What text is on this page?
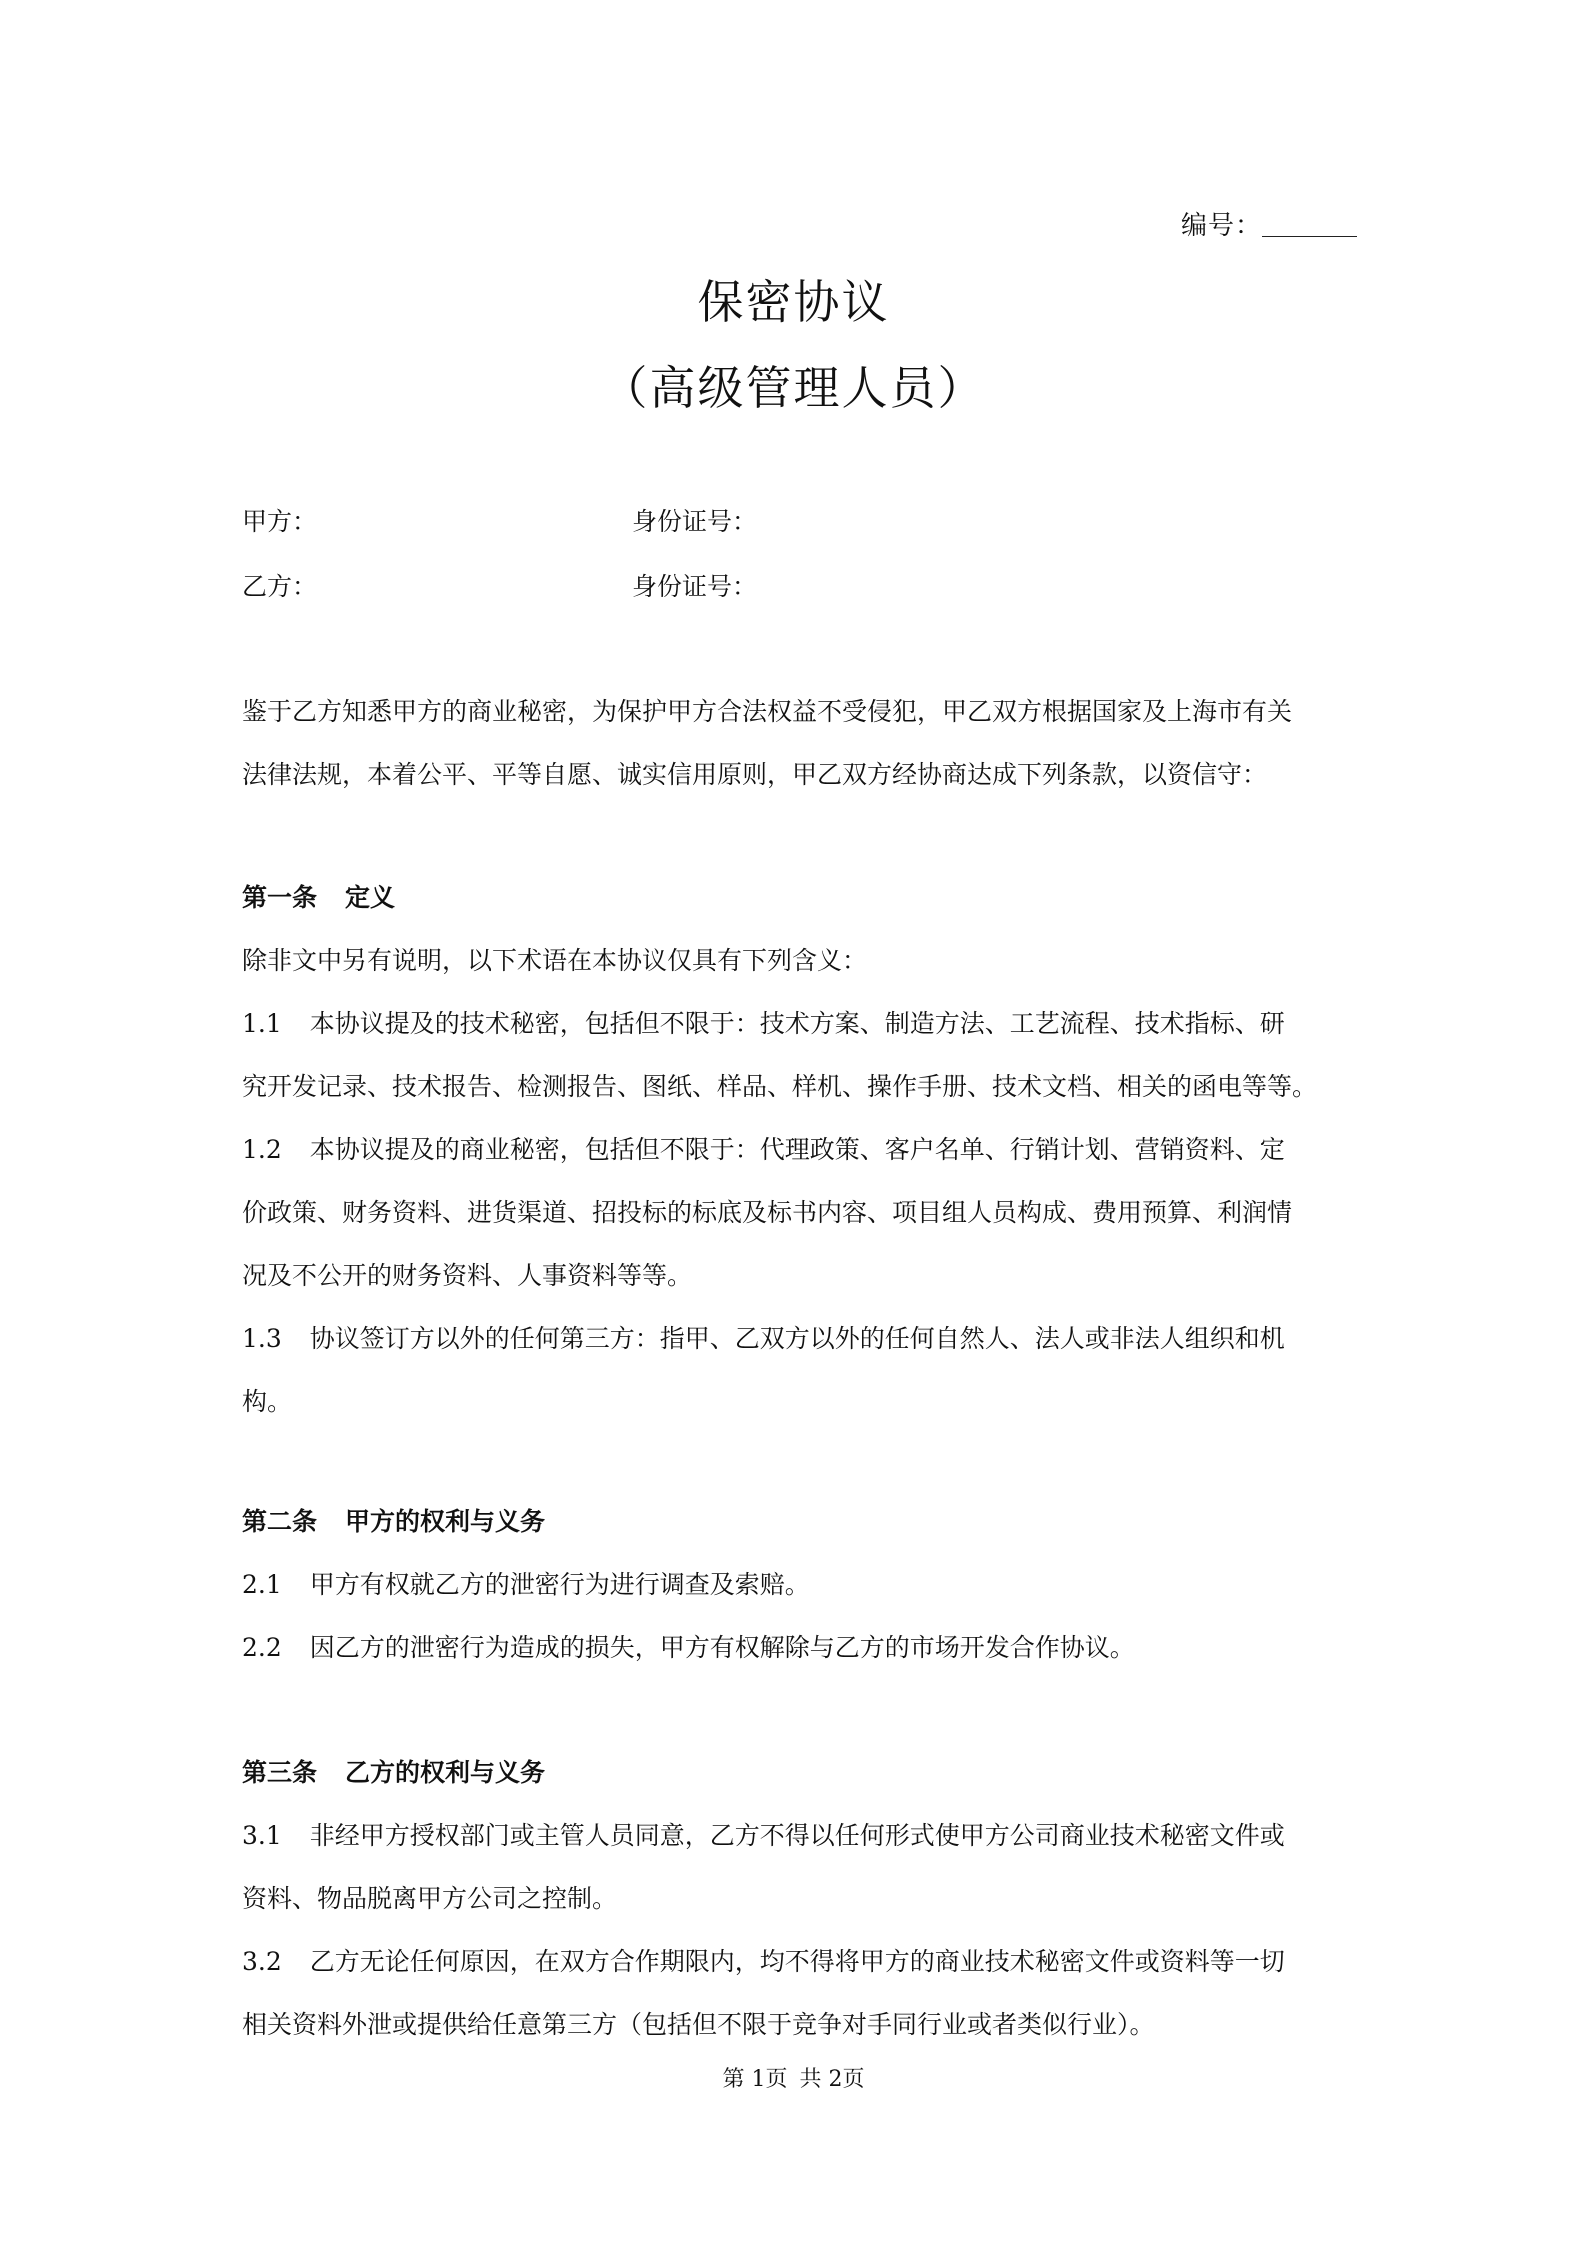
编号：
保密协议
（高级管理人员）
甲方：	身份证号：
乙方：	身份证号：

鉴于乙方知悉甲方的商业秘密，为保护甲方合法权益不受侵犯，甲乙双方根据国家及上海市有关

法律法规，本着公平、平等自愿、诚实信用原则，甲乙双方经协商达成下列条款，以资信守：

第一条 定义

除非文中另有说明，以下术语在本协议仅具有下列含义：

1.1 本协议提及的技术秘密，包括但不限于：技术方案、制造方法、工艺流程、技术指标、研

究开发记录、技术报告、检测报告、图纸、样品、样机、操作手册、技术文档、相关的函电等等。

1.2 本协议提及的商业秘密，包括但不限于：代理政策、客户名单、行销计划、营销资料、定

价政策、财务资料、进货渠道、招投标的标底及标书内容、项目组人员构成、费用预算、利润情

况及不公开的财务资料、人事资料等等。

1.3 协议签订方以外的任何第三方：指甲、乙双方以外的任何自然人、法人或非法人组织和机

构。

第二条 甲方的权利与义务

2.1 甲方有权就乙方的泄密行为进行调查及索赔。

2.2 因乙方的泄密行为造成的损失，甲方有权解除与乙方的市场开发合作协议。

第三条 乙方的权利与义务

3.1 非经甲方授权部门或主管人员同意，乙方不得以任何形式使甲方公司商业技术秘密文件或

资料、物品脱离甲方公司之控制。

3.2 乙方无论任何原因，在双方合作期限内，均不得将甲方的商业技术秘密文件或资料等一切

相关资料外泄或提供给任意第三方（包括但不限于竞争对手同行业或者类似行业）。

第 1页 共 2页
